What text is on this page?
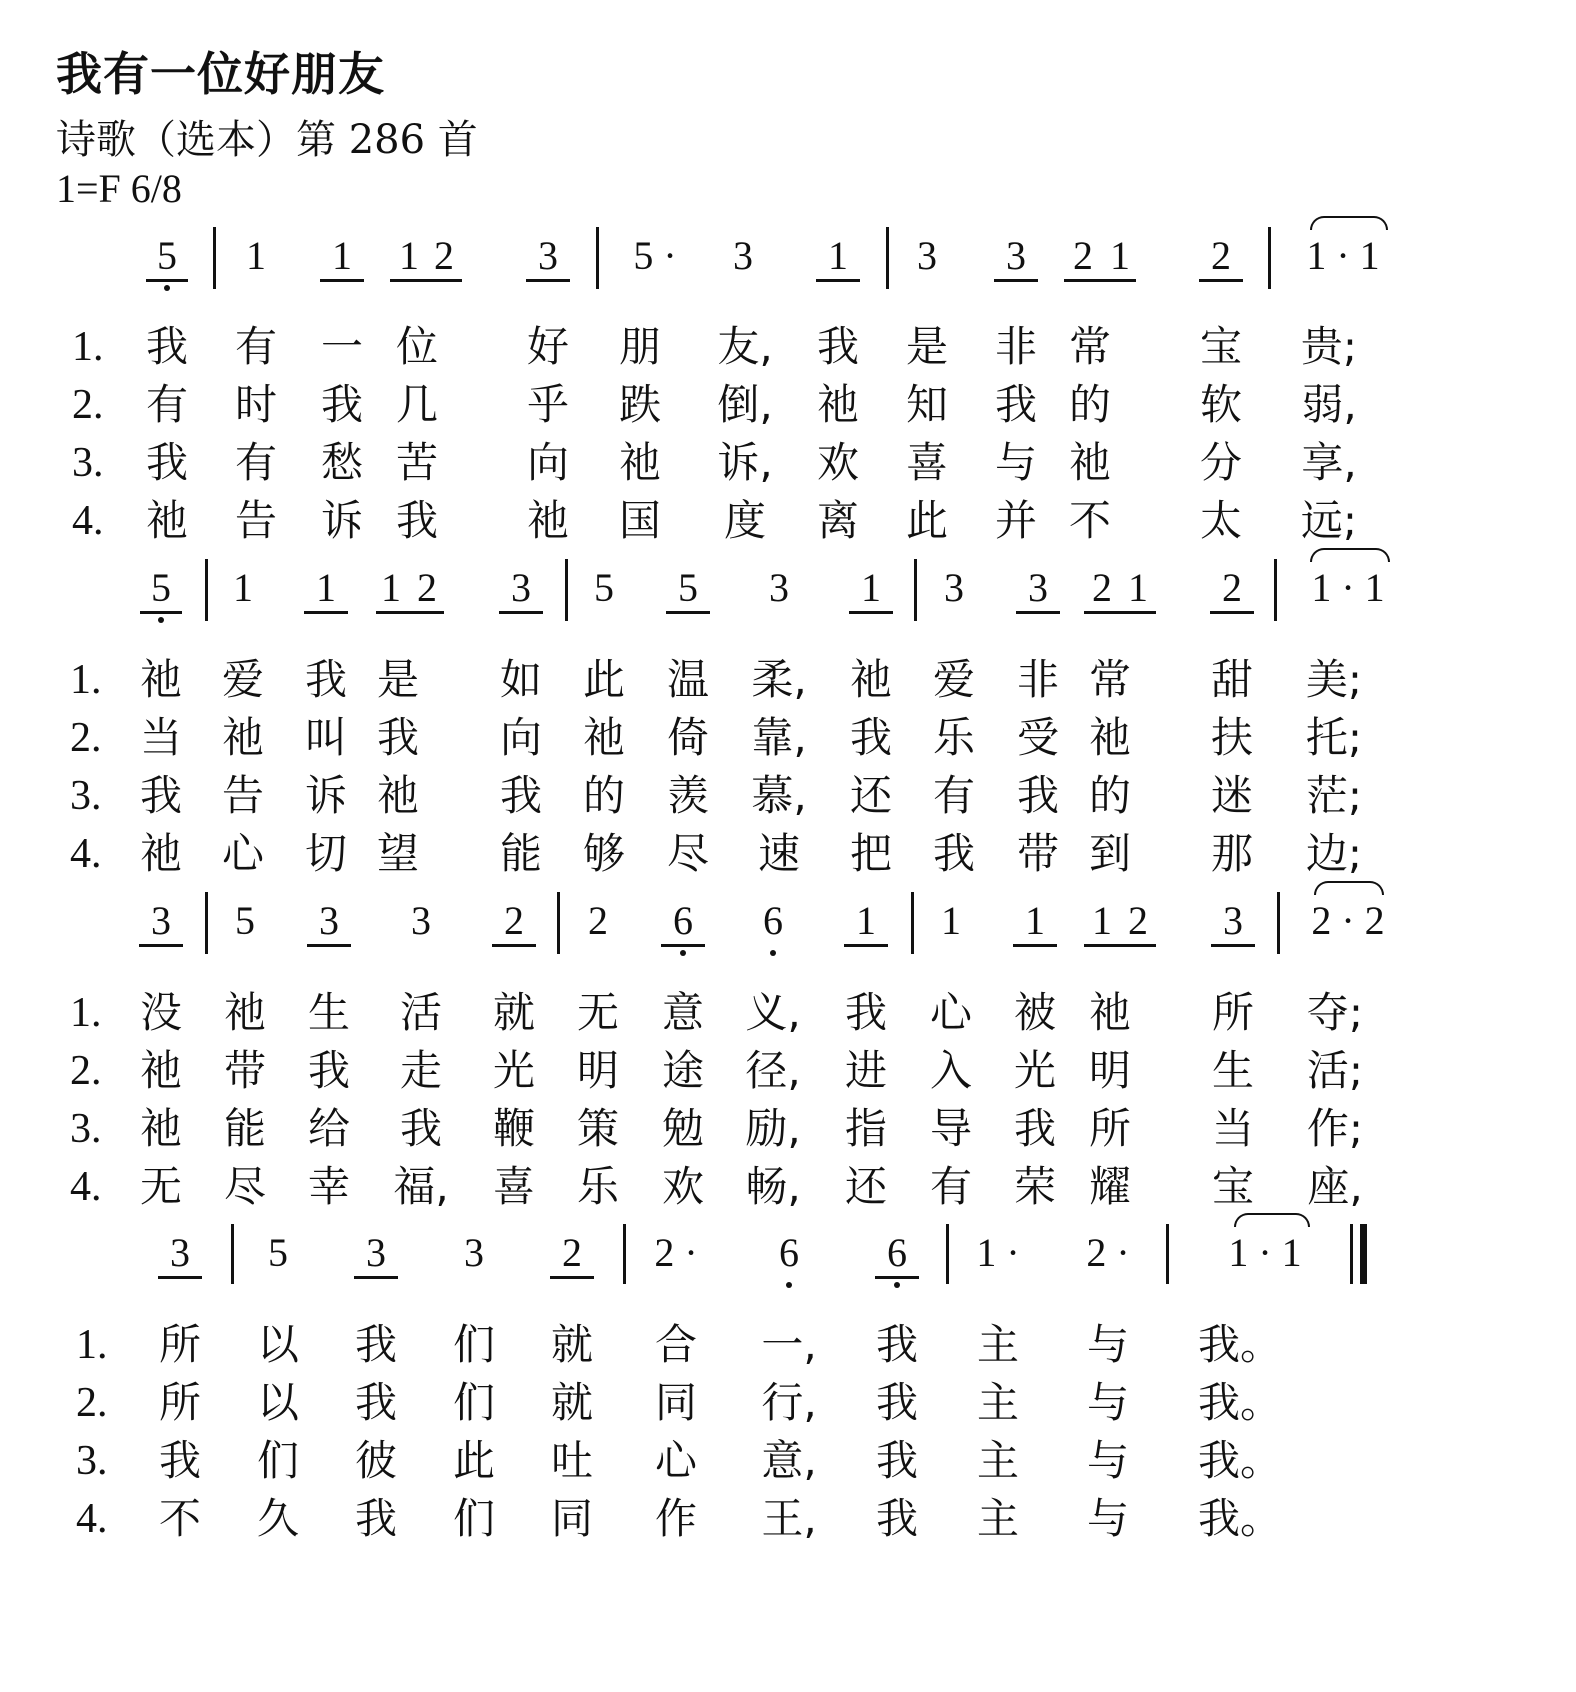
我有一位好朋友
诗歌（选本）第 286 首
1=F 6/8
5 1 1 1 2 3 5 · 3 1 3 3 2 1 2 1 · 1
1. 我 有 一 位 好 朋 友, 我 是 非 常 宝 贵;
2. 有 时 我 几 乎 跌 倒, 祂 知 我 的 软 弱,
3. 我 有 愁 苦 向 祂 诉, 欢 喜 与 祂 分 享,
4. 祂 告 诉 我 祂 国 度 离 此 并 不 太 远;
5 1 1 1 2 3 5 5 3 1 3 3 2 1 2 1 · 1
1. 祂 爱 我 是 如 此 温 柔, 祂 爱 非 常 甜 美;
2. 当 祂 叫 我 向 祂 倚 靠, 我 乐 受 祂 扶 托;
3. 我 告 诉 祂 我 的 羡 慕, 还 有 我 的 迷 茫;
4. 祂 心 切 望 能 够 尽 速 把 我 带 到 那 边;
3 5 3 3 2 2 6 6 1 1 1 1 2 3 2 · 2
1. 没 祂 生 活 就 无 意 义, 我 心 被 祂 所 夺;
2. 祂 带 我 走 光 明 途 径, 进 入 光 明 生 活;
3. 祂 能 给 我 鞭 策 勉 励, 指 导 我 所 当 作;
4. 无 尽 幸 福, 喜 乐 欢 畅, 还 有 荣 耀 宝 座,
3 5 3 3 2 2 · 6 6 1 · 2 · 1 · 1
1. 所 以 我 们 就 合 一, 我 主 与 我。
2. 所 以 我 们 就 同 行, 我 主 与 我。
3. 我 们 彼 此 吐 心 意, 我 主 与 我。
4. 不 久 我 们 同 作 王, 我 主 与 我。
